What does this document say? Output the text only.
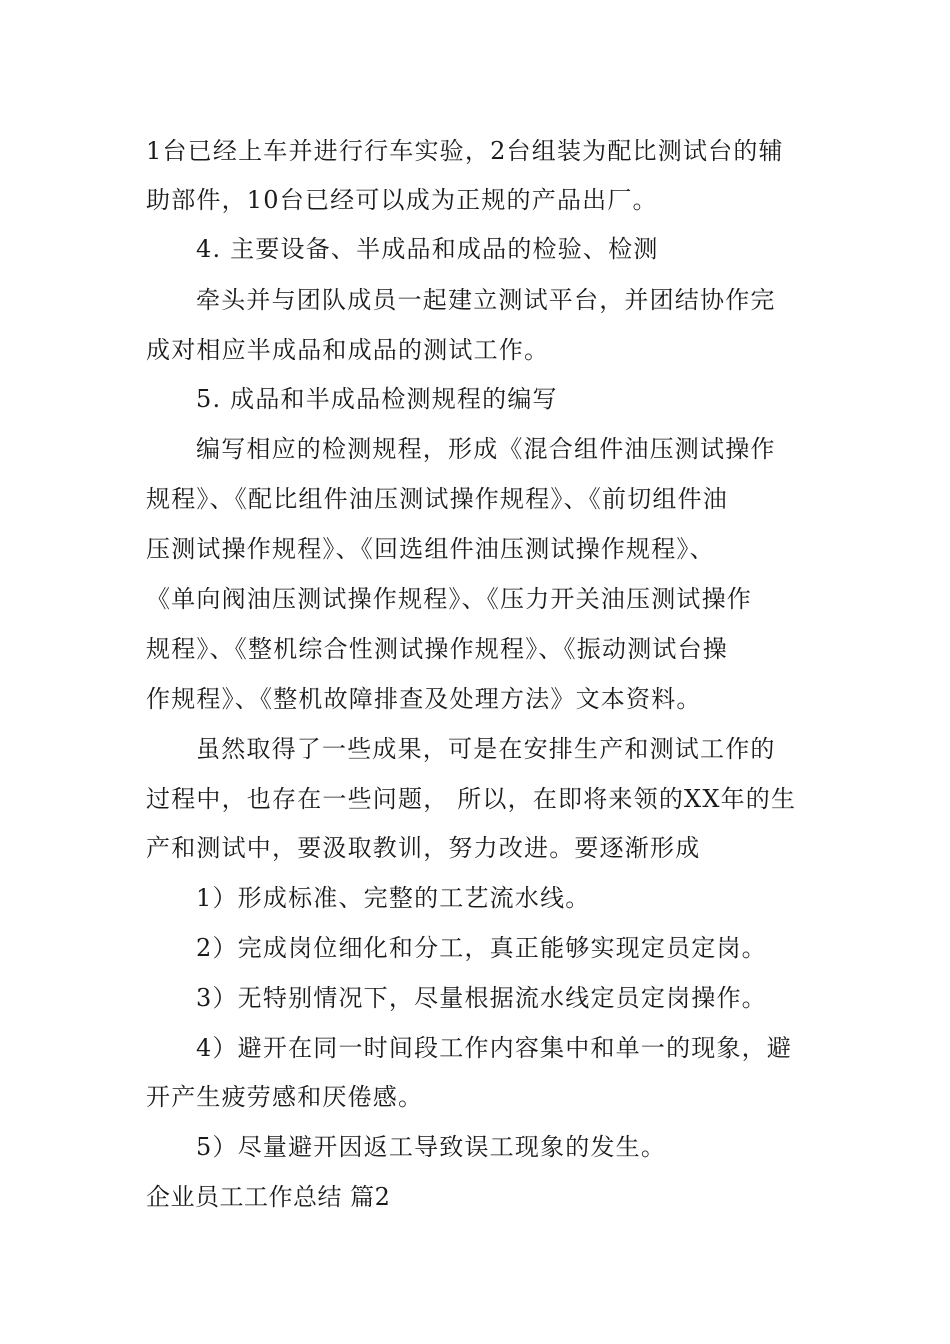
1台已经上车并进行行车实验，2台组装为配比测试台的辅
助部件，10台已经可以成为正规的产品出厂。
4. 主要设备、半成品和成品的检验、检测
牵头并与团队成员一起建立测试平台，并团结协作完
成对相应半成品和成品的测试工作。
5. 成品和半成品检测规程的编写
编写相应的检测规程，形成《混合组件油压测试操作
规程》、《配比组件油压测试操作规程》、《前切组件油
压测试操作规程》、《回选组件油压测试操作规程》、
《单向阀油压测试操作规程》、《压力开关油压测试操作
规程》、《整机综合性测试操作规程》、《振动测试台操
作规程》、《整机故障排查及处理方法》文本资料。
虽然取得了一些成果，可是在安排生产和测试工作的
过程中，也存在一些问题， 所以，在即将来领的XX年的生
产和测试中，要汲取教训，努力改进。要逐渐形成
1）形成标准、完整的工艺流水线。
2）完成岗位细化和分工，真正能够实现定员定岗。
3）无特别情况下，尽量根据流水线定员定岗操作。
4）避开在同一时间段工作内容集中和单一的现象，避
开产生疲劳感和厌倦感。
5）尽量避开因返工导致误工现象的发生。
企业员工工作总结 篇2
